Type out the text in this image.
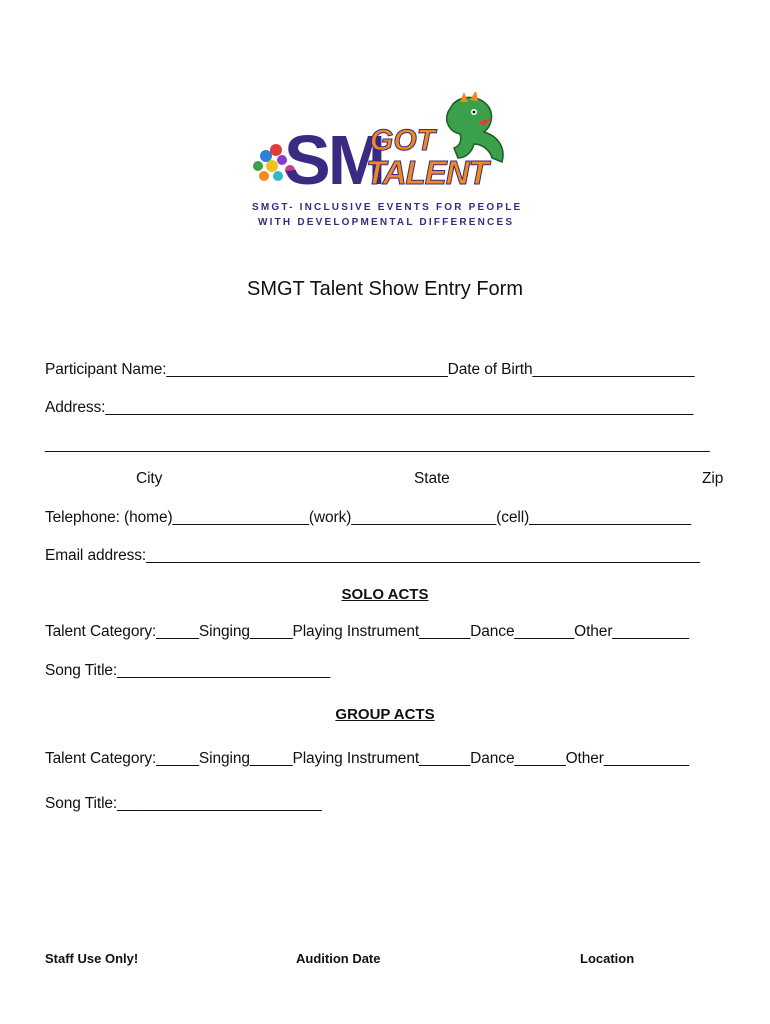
SM
GOT
TALENT
SMGT- INCLUSIVE EVENTS FOR PEOPLE
WITH DEVELOPMENTAL DIFFERENCES
SMGT Talent Show Entry Form
Participant Name:_________________________________Date of Birth___________________
Address:_____________________________________________________________________
______________________________________________________________________________
City	State	Zip
Telephone: (home)________________(work)_________________(cell)___________________
Email address:_________________________________________________________________
SOLO ACTS
Talent Category:_____Singing_____Playing Instrument______Dance_______Other_________
Song Title:_________________________
GROUP ACTS
Talent Category:_____Singing_____Playing Instrument______Dance______Other__________
Song Title:________________________
Staff Use Only!	Audition Date	Location
